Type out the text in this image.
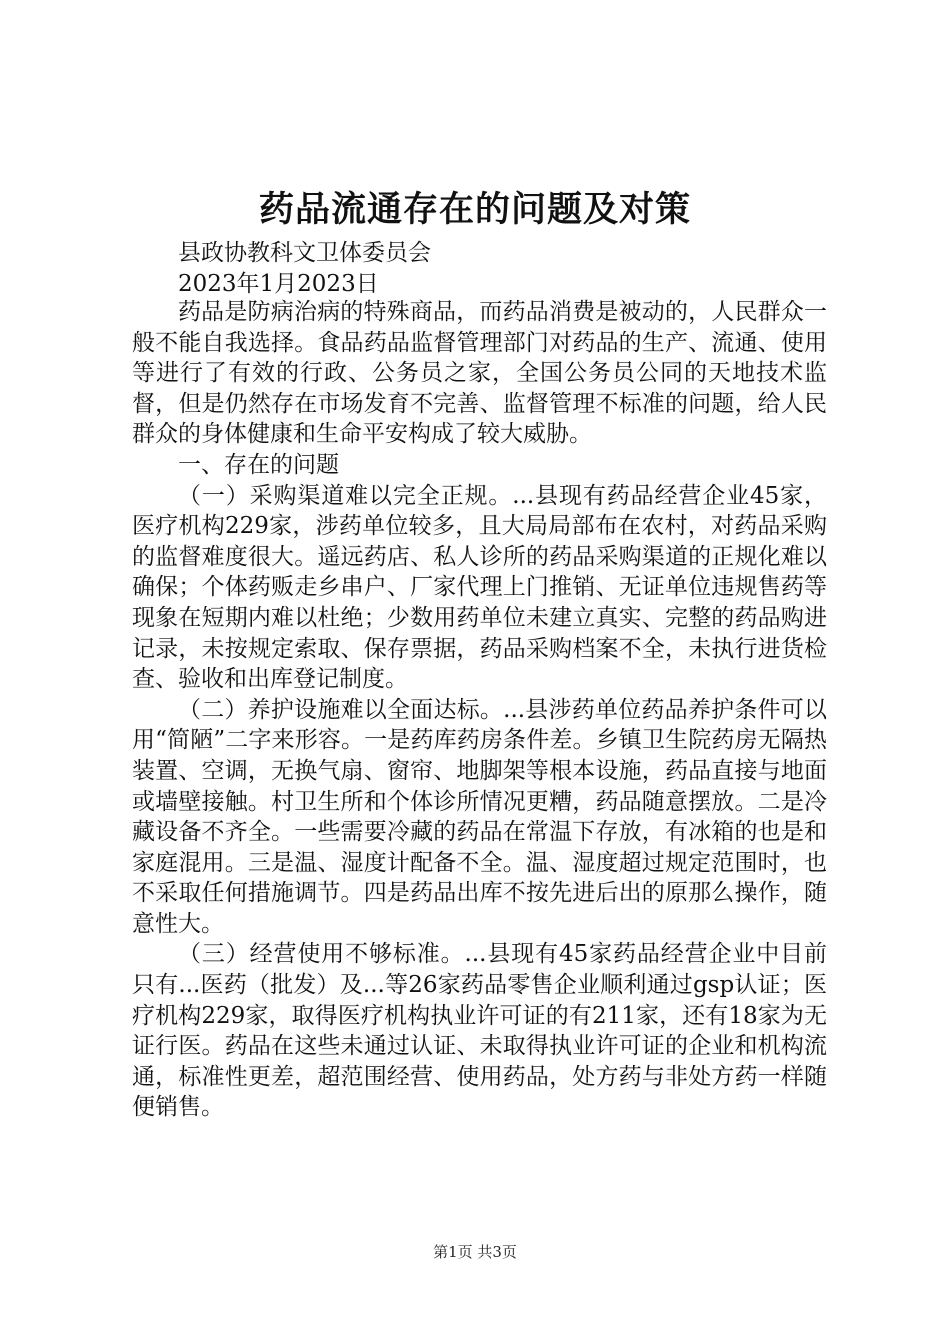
药品流通存在的问题及对策
县政协教科文卫体委员会
2023年1月2023日

药品是防病治病的特殊商品，而药品消费是被动的，人民群众一般不能自我选择。食品药品监督管理部门对药品的生产、流通、使用等进行了有效的行政、公务员之家，全国公务员公同的天地技术监督，但是仍然存在市场发育不完善、监督管理不标准的问题，给人民群众的身体健康和生命平安构成了较大威胁。

一、存在的问题

（一）采购渠道难以完全正规。...县现有药品经营企业45家，医疗机构229家，涉药单位较多，且大局局部布在农村，对药品采购的监督难度很大。遥远药店、私人诊所的药品采购渠道的正规化难以确保；个体药贩走乡串户、厂家代理上门推销、无证单位违规售药等现象在短期内难以杜绝；少数用药单位未建立真实、完整的药品购进记录，未按规定索取、保存票据，药品采购档案不全，未执行进货检查、验收和出库登记制度。

（二）养护设施难以全面达标。...县涉药单位药品养护条件可以用“简陋”二字来形容。一是药库药房条件差。乡镇卫生院药房无隔热装置、空调，无换气扇、窗帘、地脚架等根本设施，药品直接与地面或墙壁接触。村卫生所和个体诊所情况更糟，药品随意摆放。二是冷藏设备不齐全。一些需要冷藏的药品在常温下存放，有冰箱的也是和家庭混用。三是温、湿度计配备不全。温、湿度超过规定范围时，也不采取任何措施调节。四是药品出库不按先进后出的原那么操作，随意性大。

（三）经营使用不够标准。...县现有45家药品经营企业中目前只有...医药（批发）及...等26家药品零售企业顺利通过gsp认证；医疗机构229家，取得医疗机构执业许可证的有211家，还有18家为无证行医。药品在这些未通过认证、未取得执业许可证的企业和机构流通，标准性更差，超范围经营、使用药品，处方药与非处方药一样随便销售。

第1页 共3页
